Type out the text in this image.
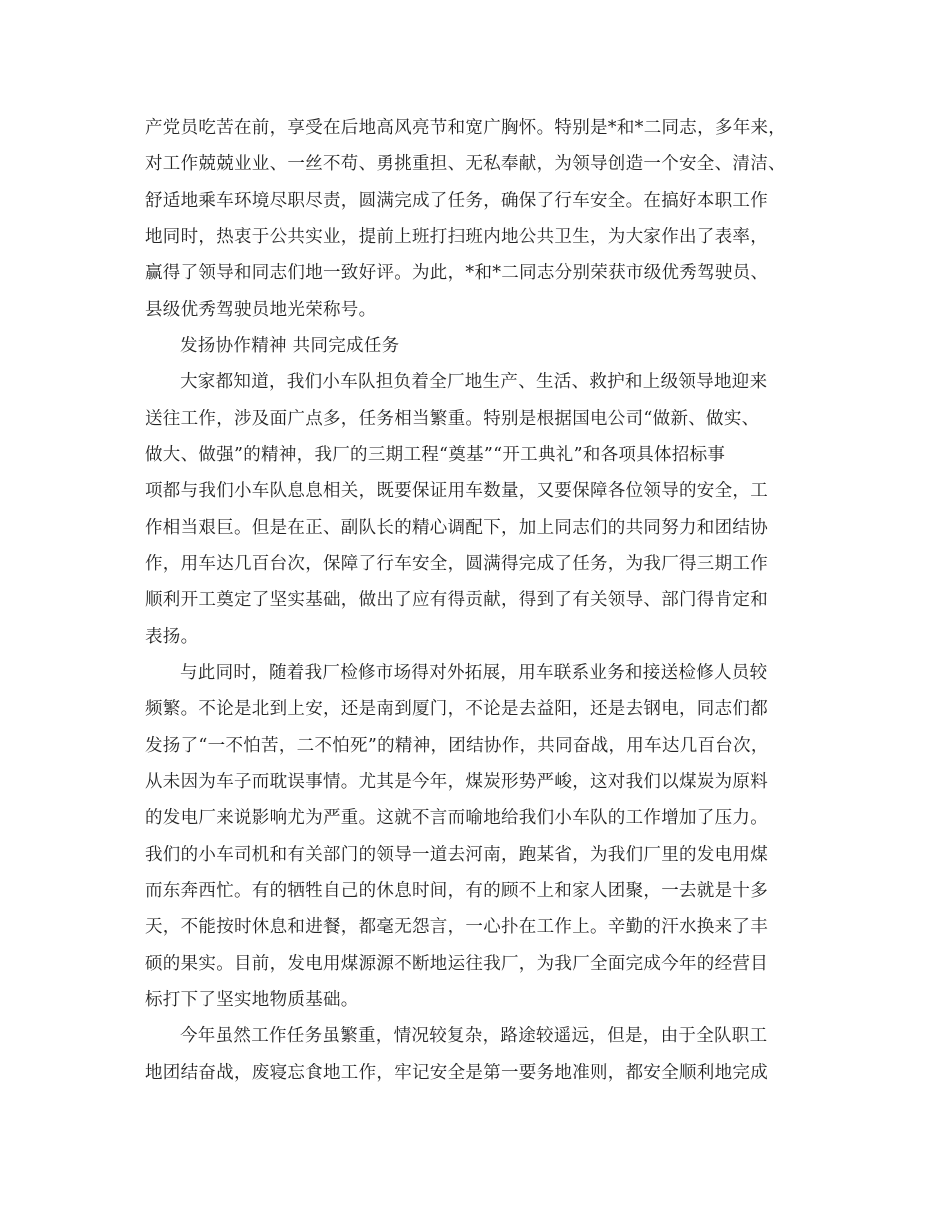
产党员吃苦在前，享受在后地高风亮节和宽广胸怀。特别是*和*二同志，多年来，
对工作兢兢业业、一丝不苟、勇挑重担、无私奉献，为领导创造一个安全、清洁、
舒适地乘车环境尽职尽责，圆满完成了任务，确保了行车安全。在搞好本职工作
地同时，热衷于公共实业，提前上班打扫班内地公共卫生，为大家作出了表率，
赢得了领导和同志们地一致好评。为此，*和*二同志分别荣获市级优秀驾驶员、
县级优秀驾驶员地光荣称号。
发扬协作精神 共同完成任务
大家都知道，我们小车队担负着全厂地生产、生活、救护和上级领导地迎来
送往工作，涉及面广点多，任务相当繁重。特别是根据国电公司“做新、做实、
做大、做强”的精神，我厂的三期工程“奠基”“开工典礼”和各项具体招标事
项都与我们小车队息息相关，既要保证用车数量，又要保障各位领导的安全，工
作相当艰巨。但是在正、副队长的精心调配下，加上同志们的共同努力和团结协
作，用车达几百台次，保障了行车安全，圆满得完成了任务，为我厂得三期工作
顺利开工奠定了坚实基础，做出了应有得贡献，得到了有关领导、部门得肯定和
表扬。
与此同时，随着我厂检修市场得对外拓展，用车联系业务和接送检修人员较
频繁。不论是北到上安，还是南到厦门，不论是去益阳，还是去钢电，同志们都
发扬了“一不怕苦，二不怕死”的精神，团结协作，共同奋战，用车达几百台次，
从未因为车子而耽误事情。尤其是今年，煤炭形势严峻，这对我们以煤炭为原料
的发电厂来说影响尤为严重。这就不言而喻地给我们小车队的工作增加了压力。
我们的小车司机和有关部门的领导一道去河南，跑某省，为我们厂里的发电用煤
而东奔西忙。有的牺牲自己的休息时间，有的顾不上和家人团聚，一去就是十多
天，不能按时休息和进餐，都毫无怨言，一心扑在工作上。辛勤的汗水换来了丰
硕的果实。目前，发电用煤源源不断地运往我厂，为我厂全面完成今年的经营目
标打下了坚实地物质基础。
今年虽然工作任务虽繁重，情况较复杂，路途较遥远，但是，由于全队职工
地团结奋战，废寝忘食地工作，牢记安全是第一要务地准则，都安全顺利地完成
